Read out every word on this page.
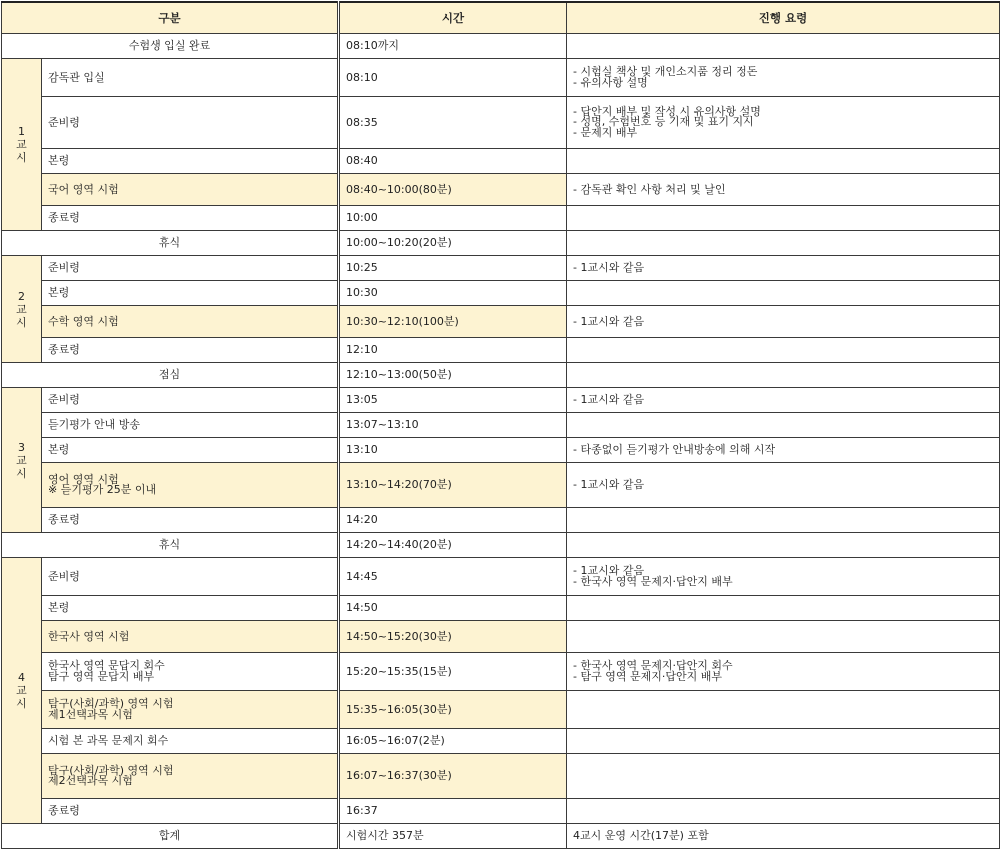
구분		시간	진행 요령
수험생 입실 완료		08:10까지	

1
교
시	감독관 입실	08:10	- 시험실 책상 및 개인소지품 정리 정돈
- 유의사항 설명

	준비령	08:35	- 답안지 배부 및 작성 시 유의사항 설명
- 성명, 수험번호 등 기재 및 표기 지시
- 문제지 배부

	본령	08:40	
	국어 영역 시험	08:40~10:00(80분)	- 감독관 확인 사항 처리 및 날인

	종료령	10:00	
휴식		10:00~10:20(20분)	

2
교
시	준비령	10:25	- 1교시와 같음

	본령	10:30	
	수학 영역 시험	10:30~12:10(100분)	- 1교시와 같음

	종료령	12:10	
점심		12:10~13:00(50분)	

3
교
시	준비령	13:05	- 1교시와 같음

	듣기평가 안내 방송	13:07~13:10	
	본령	13:10	- 타종없이 듣기평가 안내방송에 의해 시작

	영어 영역 시험
※ 듣기평가 25분 이내	13:10~14:20(70분)	- 1교시와 같음

	종료령	14:20	
휴식		14:20~14:40(20분)	

4
교
시	준비령	14:45	- 1교시와 같음
- 한국사 영역 문제지·답안지 배부

	본령	14:50	
	한국사 영역 시험	14:50~15:20(30분)	

	한국사 영역 문답지 회수
탐구 영역 문답지 배부	15:20~15:35(15분)	- 한국사 영역 문제지·답안지 회수
- 탐구 영역 문제지·답안지 배부

	탐구(사회/과학) 영역 시험
제1선택과목 시험	15:35~16:05(30분)	
	시험 본 과목 문제지 회수	16:05~16:07(2분)	

	탐구(사회/과학) 영역 시험
제2선택과목 시험	16:07~16:37(30분)	
	종료령	16:37	
합계		시험시간 357분	4교시 운영 시간(17분) 포함
